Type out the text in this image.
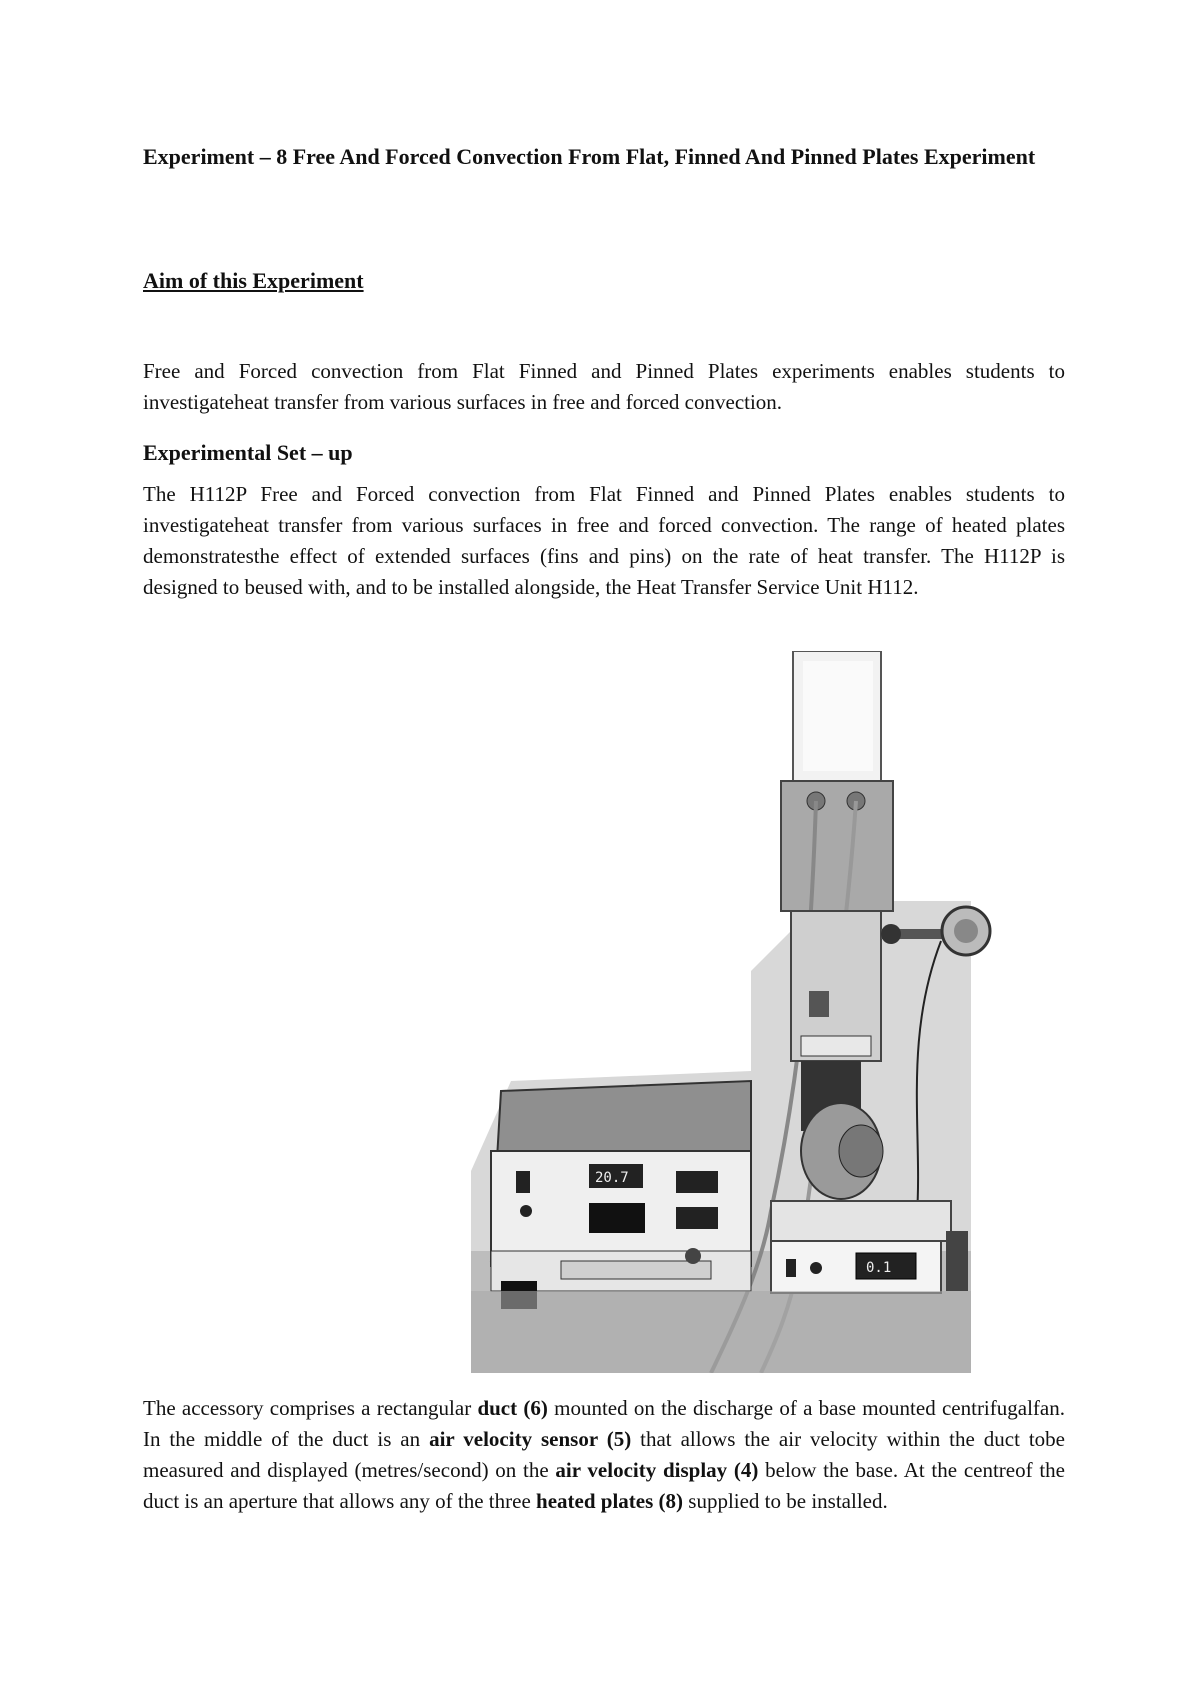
Experiment – 8 Free And Forced Convection From Flat, Finned And Pinned Plates Experiment
Aim of this Experiment

Free and Forced convection from Flat Finned and Pinned Plates experiments enables students to investigateheat transfer from various surfaces in free and forced convection.

Experimental Set – up

The H112P Free and Forced convection from Flat Finned and Pinned Plates enables students to investigateheat transfer from various surfaces in free and forced convection. The range of heated plates demonstratesthe effect of extended surfaces (fins and pins) on the rate of heat transfer. The H112P is designed to beused with, and to be installed alongside, the Heat Transfer Service Unit H112.

0.1
20.7

The accessory comprises a rectangular duct (6) mounted on the discharge of a base mounted centrifugalfan. In the middle of the duct is an air velocity sensor (5) that allows the air velocity within the duct tobe measured and displayed (metres/second) on the air velocity display (4) below the base. At the centreof the duct is an aperture that allows any of the three heated plates (8) supplied to be installed.
